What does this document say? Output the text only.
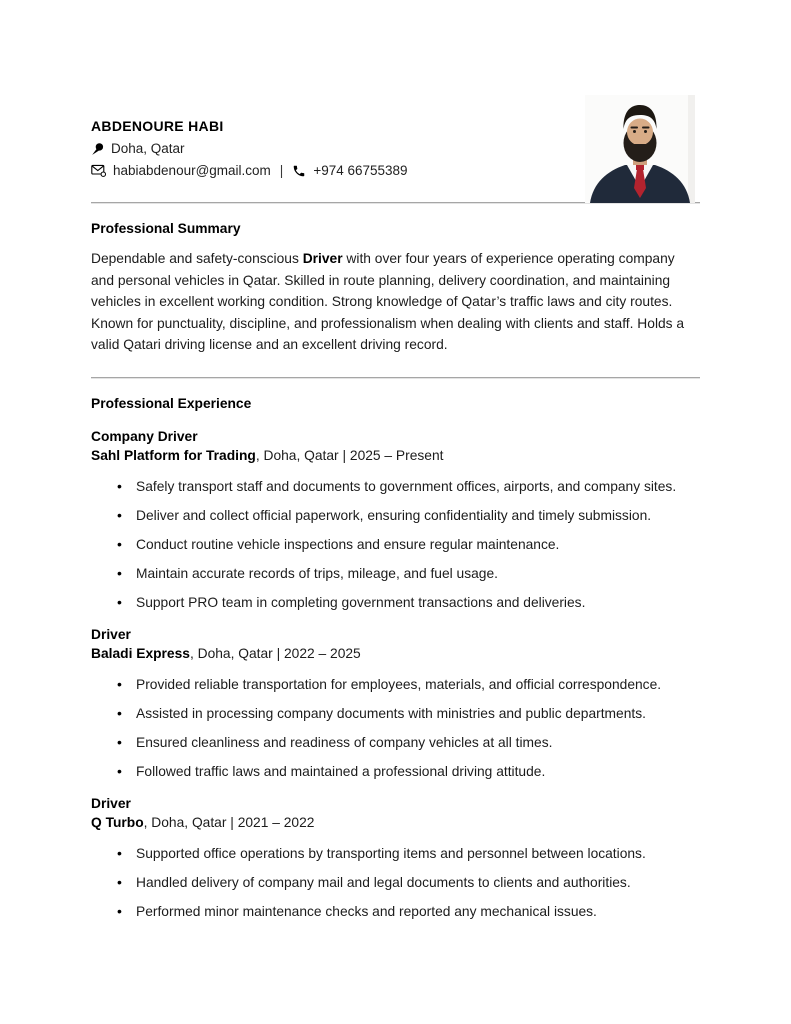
ABDENOURE HABI
Doha, Qatar
habiabdenour@gmail.com | +974 66755389
Professional Summary

Dependable and safety-conscious Driver with over four years of experience operating company and personal vehicles in Qatar. Skilled in route planning, delivery coordination, and maintaining vehicles in excellent working condition. Strong knowledge of Qatar’s traffic laws and city routes. Known for punctuality, discipline, and professionalism when dealing with clients and staff. Holds a valid Qatari driving license and an excellent driving record.

Professional Experience
Company Driver
Sahl Platform for Trading, Doha, Qatar | 2025 – Present
• Safely transport staff and documents to government offices, airports, and company sites.
• Deliver and collect official paperwork, ensuring confidentiality and timely submission.
• Conduct routine vehicle inspections and ensure regular maintenance.
• Maintain accurate records of trips, mileage, and fuel usage.
• Support PRO team in completing government transactions and deliveries.
Driver
Baladi Express, Doha, Qatar | 2022 – 2025
• Provided reliable transportation for employees, materials, and official correspondence.
• Assisted in processing company documents with ministries and public departments.
• Ensured cleanliness and readiness of company vehicles at all times.
• Followed traffic laws and maintained a professional driving attitude.
Driver
Q Turbo, Doha, Qatar | 2021 – 2022
• Supported office operations by transporting items and personnel between locations.
• Handled delivery of company mail and legal documents to clients and authorities.
• Performed minor maintenance checks and reported any mechanical issues.
